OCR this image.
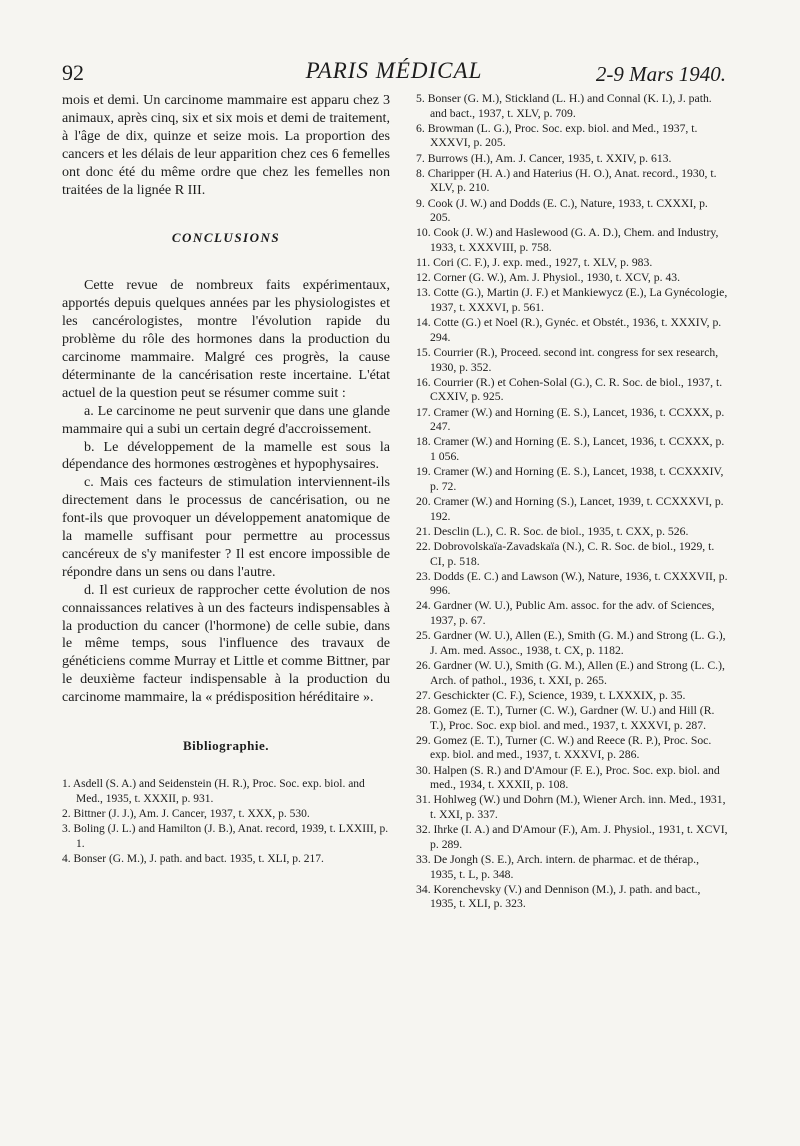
92	PARIS MÉDICAL	2-9 Mars 1940.

mois et demi. Un carcinome mammaire est apparu chez 3 animaux, après cinq, six et six mois et demi de traitement, à l'âge de dix, quinze et seize mois. La proportion des cancers et les délais de leur apparition chez ces 6 femelles ont donc été du même ordre que chez les femelles non traitées de la lignée R III.

CONCLUSIONS

Cette revue de nombreux faits expérimentaux, apportés depuis quelques années par les physiologistes et les cancérologistes, montre l'évolution rapide du problème du rôle des hormones dans la production du carcinome mammaire. Malgré ces progrès, la cause déterminante de la cancérisation reste incertaine. L'état actuel de la question peut se résumer comme suit :

a. Le carcinome ne peut survenir que dans une glande mammaire qui a subi un certain degré d'accroissement.

b. Le développement de la mamelle est sous la dépendance des hormones œstrogènes et hypophysaires.

c. Mais ces facteurs de stimulation interviennent-ils directement dans le processus de cancérisation, ou ne font-ils que provoquer un développement anatomique de la mamelle suffisant pour permettre au processus cancéreux de s'y manifester ? Il est encore impossible de répondre dans un sens ou dans l'autre.

d. Il est curieux de rapprocher cette évolution de nos connaissances relatives à un des facteurs indispensables à la production du cancer (l'hormone) de celle subie, dans le même temps, sous l'influence des travaux de généticiens comme Murray et Little et comme Bittner, par le deuxième facteur indispensable à la production du carcinome mammaire, la « prédisposition héréditaire ».

Bibliographie.
1. Asdell (S. A.) and Seidenstein (H. R.), Proc. Soc. exp. biol. and Med., 1935, t. XXXII, p. 931.
2. Bittner (J. J.), Am. J. Cancer, 1937, t. XXX, p. 530.
3. Boling (J. L.) and Hamilton (J. B.), Anat. record, 1939, t. LXXIII, p. 1.
4. Bonser (G. M.), J. path. and bact. 1935, t. XLI, p. 217.
5. Bonser (G. M.), Stickland (L. H.) and Connal (K. I.), J. path. and bact., 1937, t. XLV, p. 709.
6. Browman (L. G.), Proc. Soc. exp. biol. and Med., 1937, t. XXXVI, p. 205.
7. Burrows (H.), Am. J. Cancer, 1935, t. XXIV, p. 613.
8. Charipper (H. A.) and Haterius (H. O.), Anat. record., 1930, t. XLV, p. 210.
9. Cook (J. W.) and Dodds (E. C.), Nature, 1933, t. CXXXI, p. 205.
10. Cook (J. W.) and Haslewood (G. A. D.), Chem. and Industry, 1933, t. XXXVIII, p. 758.
11. Cori (C. F.), J. exp. med., 1927, t. XLV, p. 983.
12. Corner (G. W.), Am. J. Physiol., 1930, t. XCV, p. 43.
13. Cotte (G.), Martin (J. F.) et Mankiewycz (E.), La Gynécologie, 1937, t. XXXVI, p. 561.
14. Cotte (G.) et Noel (R.), Gynéc. et Obstét., 1936, t. XXXIV, p. 294.
15. Courrier (R.), Proceed. second int. congress for sex research, 1930, p. 352.
16. Courrier (R.) et Cohen-Solal (G.), C. R. Soc. de biol., 1937, t. CXXIV, p. 925.
17. Cramer (W.) and Horning (E. S.), Lancet, 1936, t. CCXXX, p. 247.
18. Cramer (W.) and Horning (E. S.), Lancet, 1936, t. CCXXX, p. 1 056.
19. Cramer (W.) and Horning (E. S.), Lancet, 1938, t. CCXXXIV, p. 72.
20. Cramer (W.) and Horning (S.), Lancet, 1939, t. CCXXXVI, p. 192.
21. Desclin (L.), C. R. Soc. de biol., 1935, t. CXX, p. 526.
22. Dobrovolskaïa-Zavadskaïa (N.), C. R. Soc. de biol., 1929, t. CI, p. 518.
23. Dodds (E. C.) and Lawson (W.), Nature, 1936, t. CXXXVII, p. 996.
24. Gardner (W. U.), Public Am. assoc. for the adv. of Sciences, 1937, p. 67.
25. Gardner (W. U.), Allen (E.), Smith (G. M.) and Strong (L. G.), J. Am. med. Assoc., 1938, t. CX, p. 1182.
26. Gardner (W. U.), Smith (G. M.), Allen (E.) and Strong (L. C.), Arch. of pathol., 1936, t. XXI, p. 265.
27. Geschickter (C. F.), Science, 1939, t. LXXXIX, p. 35.
28. Gomez (E. T.), Turner (C. W.), Gardner (W. U.) and Hill (R. T.), Proc. Soc. exp biol. and med., 1937, t. XXXVI, p. 287.
29. Gomez (E. T.), Turner (C. W.) and Reece (R. P.), Proc. Soc. exp. biol. and med., 1937, t. XXXVI, p. 286.
30. Halpen (S. R.) and D'Amour (F. E.), Proc. Soc. exp. biol. and med., 1934, t. XXXII, p. 108.
31. Hohlweg (W.) und Dohrn (M.), Wiener Arch. inn. Med., 1931, t. XXI, p. 337.
32. Ihrke (I. A.) and D'Amour (F.), Am. J. Physiol., 1931, t. XCVI, p. 289.
33. De Jongh (S. E.), Arch. intern. de pharmac. et de thérap., 1935, t. L, p. 348.
34. Korenchevsky (V.) and Dennison (M.), J. path. and bact., 1935, t. XLI, p. 323.
